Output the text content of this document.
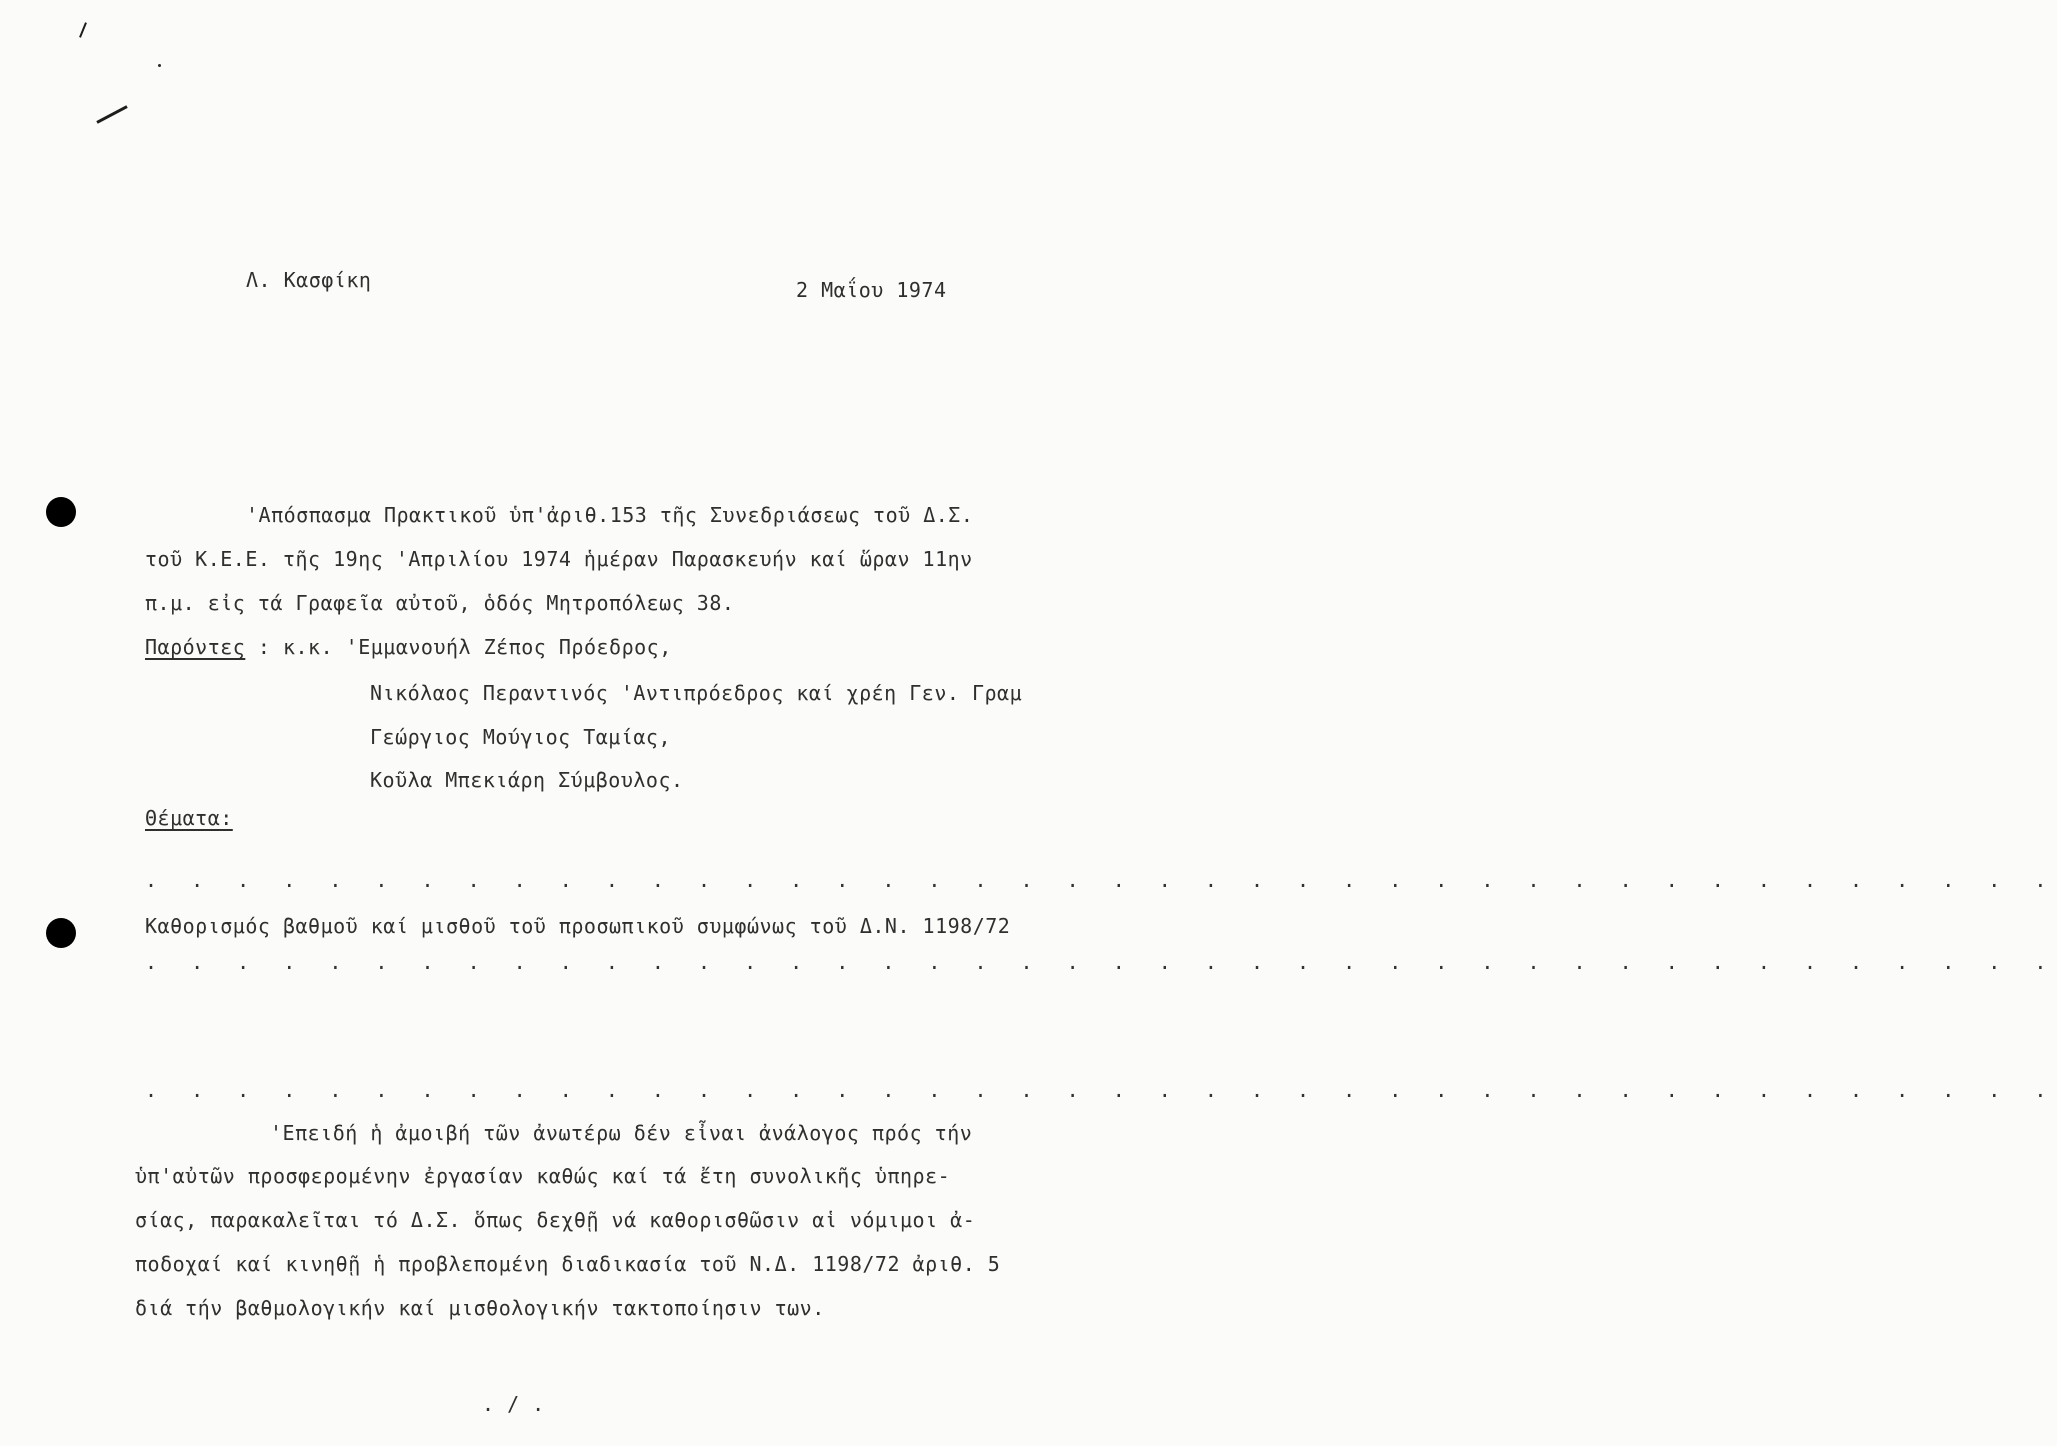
Λ. Κασφίκη	2 Μαΐου 1974
'Απόσπασμα Πρακτικοῦ ὑπ'ἀριθ.153 τῆς Συνεδριάσεως τοῦ Δ.Σ.
τοῦ Κ.Ε.Ε. τῆς 19ης 'Απριλίου 1974 ἡμέραν Παρασκευήν καί ὥραν 11ην
π.μ. εἰς τά Γραφεῖα αὐτοῦ, ὁδός Μητροπόλεως 38.
Παρόντες : κ.κ. 'Εμμανουήλ Ζέπος Πρόεδρος,
Νικόλαος Περαντινός 'Αντιπρόεδρος καί χρέη Γεν. Γραμ
Γεώργιος Μούγιος Ταμίας,
Κοῦλα Μπεκιάρη Σύμβουλος.
Θέματα:
. . . . . . . . . . . . . . . . . . . . . . . . . . . . . . . . . . . . . . . . . .
Καθορισμός βαθμοῦ καί μισθοῦ τοῦ προσωπικοῦ συμφώνως τοῦ Δ.Ν. 1198/72
. . . . . . . . . . . . . . . . . . . . . . . . . . . . . . . . . . . . . . . . . .
. . . . . . . . . . . . . . . . . . . . . . . . . . . . . . . . . . . . . . . . . .
'Επειδή ἡ ἀμοιβή τῶν ἀνωτέρω δέν εἶναι ἀνάλογος πρός τήν
ὑπ'αὐτῶν προσφερομένην ἐργασίαν καθώς καί τά ἔτη συνολικῆς ὑπηρε-
σίας, παρακαλεῖται τό Δ.Σ. ὅπως δεχθῇ νά καθορισθῶσιν αἱ νόμιμοι ἀ-
ποδοχαί καί κινηθῇ ἡ προβλεπομένη διαδικασία τοῦ Ν.Δ. 1198/72 ἀριθ. 5
διά τήν βαθμολογικήν καί μισθολογικήν τακτοποίησιν των.
. / .
